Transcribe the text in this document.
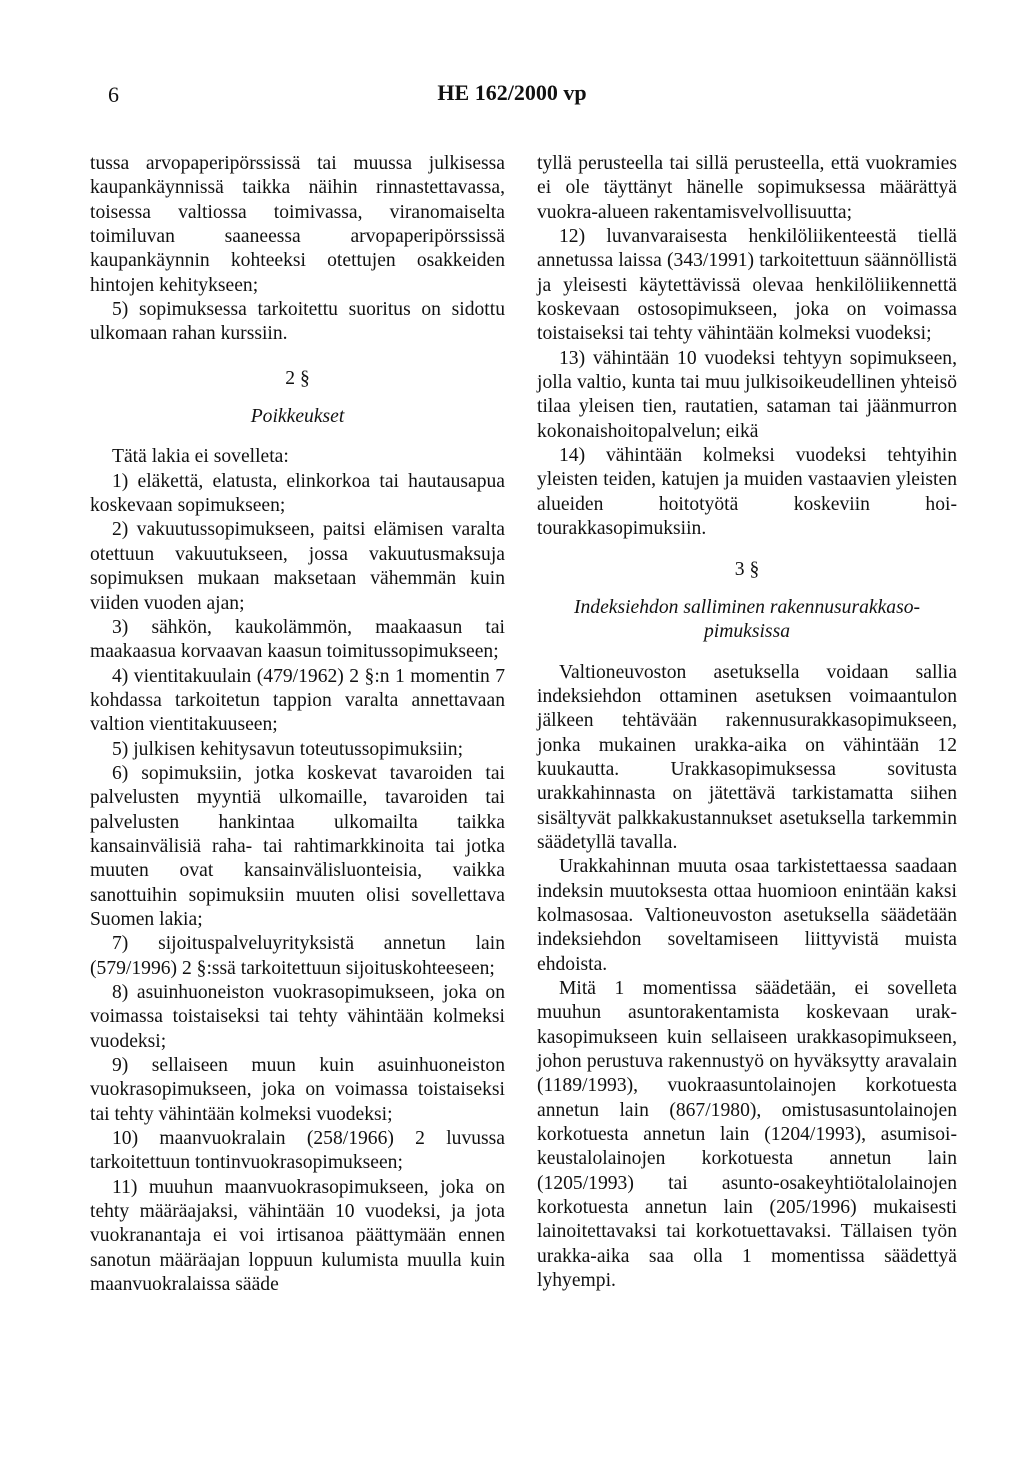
6	HE 162/2000 vp

tussa arvopaperipörssissä tai muussa julkisessa kaupankäynnissä taikka näihin rinnastettavassa, toisessa valtiossa toimivassa, viranomaiselta toimiluvan saaneessa arvopaperipörssissä kaupankäynnin kohteeksi otettujen osakkeiden hintojen kehitykseen;

5) sopimuksessa tarkoitettu suoritus on sidottu ulkomaan rahan kurssiin.

2 §
Poikkeukset

Tätä lakia ei sovelleta:

1) eläkettä, elatusta, elinkorkoa tai hautausapua koskevaan sopimukseen;

2) vakuutussopimukseen, paitsi elämisen varalta otettuun vakuutukseen, jossa vakuutusmaksuja sopimuksen mukaan maksetaan vähemmän kuin viiden vuoden ajan;

3) sähkön, kaukolämmön, maakaasun tai maakaasua korvaavan kaasun toimitussopimukseen;

4) vientitakuulain (479/1962) 2 §:n 1 momentin 7 kohdassa tarkoitetun tappion varalta annettavaan valtion vientitakuuseen;

5) julkisen kehitysavun toteutussopimuksiin;

6) sopimuksiin, jotka koskevat tavaroiden tai palvelusten myyntiä ulkomaille, tavaroiden tai palvelusten hankintaa ulkomailta taikka kansainvälisiä raha- tai rahtimarkkinoita tai jotka muuten ovat kansainvälisluonteisia, vaikka sanottuihin sopimuksiin muuten olisi sovellettava Suomen lakia;

7) sijoituspalveluyrityksistä annetun lain (579/1996) 2 §:ssä tarkoitettuun sijoituskohteeseen;

8) asuinhuoneiston vuokrasopimukseen, joka on voimassa toistaiseksi tai tehty vähintään kolmeksi vuodeksi;

9) sellaiseen muun kuin asuinhuoneiston vuokrasopimukseen, joka on voimassa toistaiseksi tai tehty vähintään kolmeksi vuodeksi;

10) maanvuokralain (258/1966) 2 luvussa tarkoitettuun tontinvuokrasopimukseen;

11) muuhun maanvuokrasopimukseen, joka on tehty määräajaksi, vähintään 10 vuodeksi, ja jota vuokranantaja ei voi irtisanoa päättymään ennen sanotun määräajan loppuun kulumista muulla kuin maanvuokralaissa sääde

tyllä perusteella tai sillä perusteella, että vuokramies ei ole täyttänyt hänelle sopimuksessa määrättyä vuokra-alueen rakentamisvelvollisuutta;

12) luvanvaraisesta henkilöliikenteestä tiellä annetussa laissa (343/1991) tarkoitettuun säännöllistä ja yleisesti käytettävissä olevaa henkilöliikennettä koskevaan ostosopimukseen, joka on voimassa toistaiseksi tai tehty vähintään kolmeksi vuodeksi;

13) vähintään 10 vuodeksi tehtyyn sopimukseen, jolla valtio, kunta tai muu julkisoikeudellinen yhteisö tilaa yleisen tien, rautatien, sataman tai jäänmurron kokonaishoitopalvelun; eikä

14) vähintään kolmeksi vuodeksi tehtyihin yleisten teiden, katujen ja muiden vastaavien yleisten alueiden hoitotyötä koskeviin hoitourakkasopimuksiin.

3 §
Indeksiehdon salliminen rakennusurakkasopimuksissa

Valtioneuvoston asetuksella voidaan sallia indeksiehdon ottaminen asetuksen voimaantulon jälkeen tehtävään rakennusurakkasopimukseen, jonka mukainen urakka-aika on vähintään 12 kuukautta. Urakkasopimuksessa sovitusta urakkahinnasta on jätettävä tarkistamatta siihen sisältyvät palkkakustannukset asetuksella tarkemmin säädetyllä tavalla.

Urakkahinnan muuta osaa tarkistettaessa saadaan indeksin muutoksesta ottaa huomioon enintään kaksi kolmasosaa. Valtioneuvoston asetuksella säädetään indeksiehdon soveltamiseen liittyvistä muista ehdoista.

Mitä 1 momentissa säädetään, ei sovelleta muuhun asuntorakentamista koskevaan urakkasopimukseen kuin sellaiseen urakkasopimukseen, johon perustuva rakennustyö on hyväksytty aravalain (1189/1993), vuokraasuntolainojen korkotuesta annetun lain (867/1980), omistusasuntolainojen korkotuesta annetun lain (1204/1993), asumisoikeustalolainojen korkotuesta annetun lain (1205/1993) tai asunto-osakeyhtiötalolainojen korkotuesta annetun lain (205/1996) mukaisesti lainoitettavaksi tai korkotuettavaksi. Tällaisen työn urakka-aika saa olla 1 momentissa säädettyä lyhyempi.
